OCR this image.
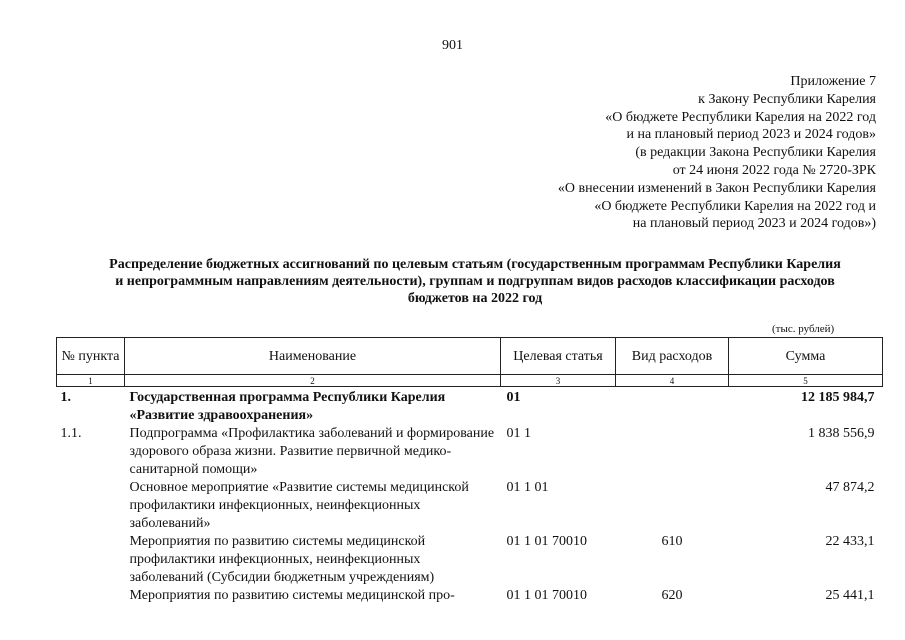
901
Приложение 7
к Закону Республики Карелия
«О бюджете Республики Карелия на 2022 год
и на плановый период 2023 и 2024 годов»
(в редакции Закона Республики Карелия
от 24 июня 2022 года № 2720-ЗРК
«О внесении изменений в Закон Республики Карелия
«О бюджете Республики Карелия на 2022 год и
на плановый период 2023 и 2024 годов»)
Распределение бюджетных ассигнований по целевым статьям (государственным программам Республики Карелия
и непрограммным направлениям деятельности), группам и подгруппам видов расходов классификации расходов
бюджетов на 2022 год
(тыс. рублей)
№ пункта	Наименование	Целевая статья	Вид расходов	Сумма
1	2	3	4	5
1.	Государственная программа Республики Карелия «Развитие здравоохранения»	01		12 185 984,7
1.1.	Подпрограмма «Профилактика заболеваний и формирование здорового образа жизни. Развитие первичной медико-санитарной помощи»	01 1		1 838 556,9
	Основное мероприятие «Развитие системы медицинской профилактики инфекционных, неинфекционных заболеваний»	01 1 01		47 874,2
	Мероприятия по развитию системы медицинской профилактики инфекционных, неинфекционных заболеваний (Субсидии бюджетным учреждениям)	01 1 01 70010	610	22 433,1
	Мероприятия по развитию системы медицинской про-	01 1 01 70010	620	25 441,1
